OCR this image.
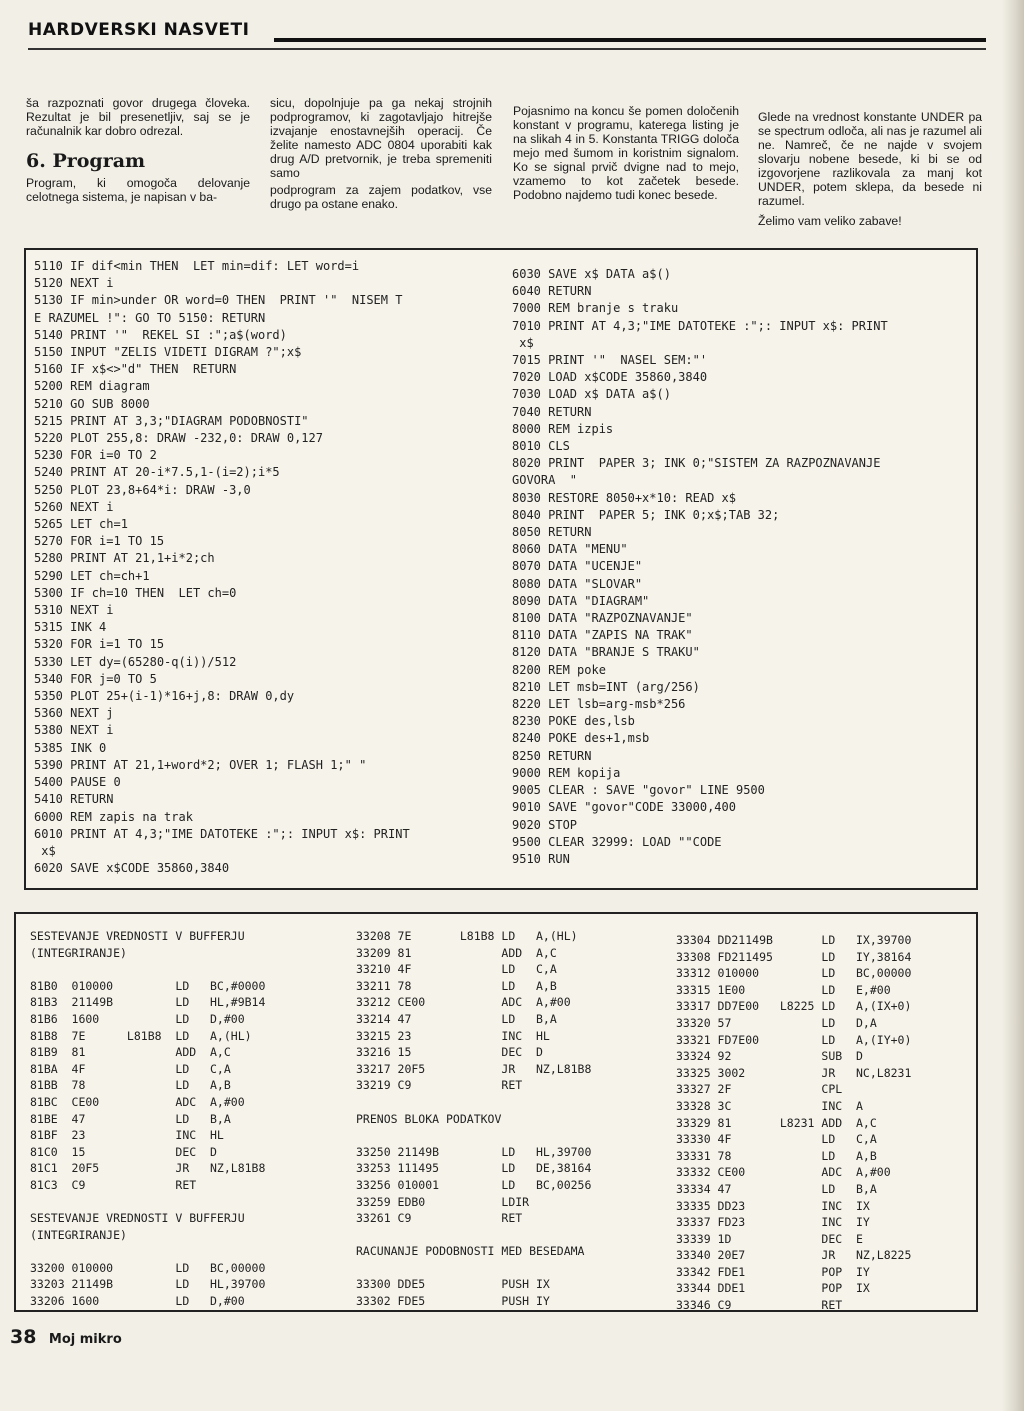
HARDVERSKI NASVETI

ša razpoznati govor drugega človeka. Rezultat je bil presenetljiv, saj se je računalnik kar dobro odrezal.

6. Program

Program, ki omogoča delovanje celotnega sistema, je napisan v ba-

sicu, dopolnjuje pa ga nekaj strojnih podprogramov, ki zagotavljajo hitrejše izvajanje enostavnejših operacij. Če želite namesto ADC 0804 uporabiti kak drug A/D pretvornik, je treba spremeniti samo

podprogram za zajem podatkov, vse drugo pa ostane enako.

Pojasnimo na koncu še pomen določenih konstant v programu, katerega listing je na slikah 4 in 5. Konstanta TRIGG določa mejo med šumom in koristnim signalom. Ko se signal prvič dvigne nad to mejo, vzamemo to kot začetek besede. Podobno najdemo tudi konec besede.

Glede na vrednost konstante UNDER pa se spectrum odloča, ali nas je razumel ali ne. Namreč, če ne najde v svojem slovarju nobene besede, ki bi se od izgovorjene razlikovala za manj kot UNDER, potem sklepa, da besede ni razumel.

Želimo vam veliko zabave!

5110 IF dif<min THEN  LET min=dif: LET word=i
5120 NEXT i
5130 IF min>under OR word=0 THEN  PRINT '"  NISEM T
E RAZUMEL !": GO TO 5150: RETURN
5140 PRINT '"  REKEL SI :";a$(word)
5150 INPUT "ZELIS VIDETI DIGRAM ?";x$
5160 IF x$<>"d" THEN  RETURN
5200 REM diagram
5210 GO SUB 8000
5215 PRINT AT 3,3;"DIAGRAM PODOBNOSTI"
5220 PLOT 255,8: DRAW -232,0: DRAW 0,127
5230 FOR i=0 TO 2
5240 PRINT AT 20-i*7.5,1-(i=2);i*5
5250 PLOT 23,8+64*i: DRAW -3,0
5260 NEXT i
5265 LET ch=1
5270 FOR i=1 TO 15
5280 PRINT AT 21,1+i*2;ch
5290 LET ch=ch+1
5300 IF ch=10 THEN  LET ch=0
5310 NEXT i
5315 INK 4
5320 FOR i=1 TO 15
5330 LET dy=(65280-q(i))/512
5340 FOR j=0 TO 5
5350 PLOT 25+(i-1)*16+j,8: DRAW 0,dy
5360 NEXT j
5380 NEXT i
5385 INK 0
5390 PRINT AT 21,1+word*2; OVER 1; FLASH 1;" "
5400 PAUSE 0
5410 RETURN
6000 REM zapis na trak
6010 PRINT AT 4,3;"IME DATOTEKE :";: INPUT x$: PRINT
x$
6020 SAVE x$CODE 35860,3840
6030 SAVE x$ DATA a$()
6040 RETURN
7000 REM branje s traku
7010 PRINT AT 4,3;"IME DATOTEKE :";: INPUT x$: PRINT
x$
7015 PRINT '"  NASEL SEM:"'
7020 LOAD x$CODE 35860,3840
7030 LOAD x$ DATA a$()
7040 RETURN
8000 REM izpis
8010 CLS
8020 PRINT  PAPER 3; INK 0;"SISTEM ZA RAZPOZNAVANJE
GOVORA  "
8030 RESTORE 8050+x*10: READ x$
8040 PRINT  PAPER 5; INK 0;x$;TAB 32;
8050 RETURN
8060 DATA "MENU"
8070 DATA "UCENJE"
8080 DATA "SLOVAR"
8090 DATA "DIAGRAM"
8100 DATA "RAZPOZNAVANJE"
8110 DATA "ZAPIS NA TRAK"
8120 DATA "BRANJE S TRAKU"
8200 REM poke
8210 LET msb=INT (arg/256)
8220 LET lsb=arg-msb*256
8230 POKE des,lsb
8240 POKE des+1,msb
8250 RETURN
9000 REM kopija
9005 CLEAR : SAVE "govor" LINE 9500
9010 SAVE "govor"CODE 33000,400
9020 STOP
9500 CLEAR 32999: LOAD ""CODE
9510 RUN
SESTEVANJE VREDNOSTI V BUFFERJU
(INTEGRIRANJE)

81B0  010000         LD   BC,#0000
81B3  21149B         LD   HL,#9B14
81B6  1600           LD   D,#00
81B8  7E      L81B8  LD   A,(HL)
81B9  81             ADD  A,C
81BA  4F             LD   C,A
81BB  78             LD   A,B
81BC  CE00           ADC  A,#00
81BE  47             LD   B,A
81BF  23             INC  HL
81C0  15             DEC  D
81C1  20F5           JR   NZ,L81B8
81C3  C9             RET

SESTEVANJE VREDNOSTI V BUFFERJU
(INTEGRIRANJE)

33200 010000         LD   BC,00000
33203 21149B         LD   HL,39700
33206 1600           LD   D,#00
33208 7E       L81B8 LD   A,(HL)
33209 81             ADD  A,C
33210 4F             LD   C,A
33211 78             LD   A,B
33212 CE00           ADC  A,#00
33214 47             LD   B,A
33215 23             INC  HL
33216 15             DEC  D
33217 20F5           JR   NZ,L81B8
33219 C9             RET

PRENOS BLOKA PODATKOV

33250 21149B         LD   HL,39700
33253 111495         LD   DE,38164
33256 010001         LD   BC,00256
33259 EDB0           LDIR
33261 C9             RET

RACUNANJE PODOBNOSTI MED BESEDAMA

33300 DDE5           PUSH IX
33302 FDE5           PUSH IY
33304 DD21149B       LD   IX,39700
33308 FD211495       LD   IY,38164
33312 010000         LD   BC,00000
33315 1E00           LD   E,#00
33317 DD7E00   L8225 LD   A,(IX+0)
33320 57             LD   D,A
33321 FD7E00         LD   A,(IY+0)
33324 92             SUB  D
33325 3002           JR   NC,L8231
33327 2F             CPL
33328 3C             INC  A
33329 81       L8231 ADD  A,C
33330 4F             LD   C,A
33331 78             LD   A,B
33332 CE00           ADC  A,#00
33334 47             LD   B,A
33335 DD23           INC  IX
33337 FD23           INC  IY
33339 1D             DEC  E
33340 20E7           JR   NZ,L8225
33342 FDE1           POP  IY
33344 DDE1           POP  IX
33346 C9             RET
38 Moj mikro
